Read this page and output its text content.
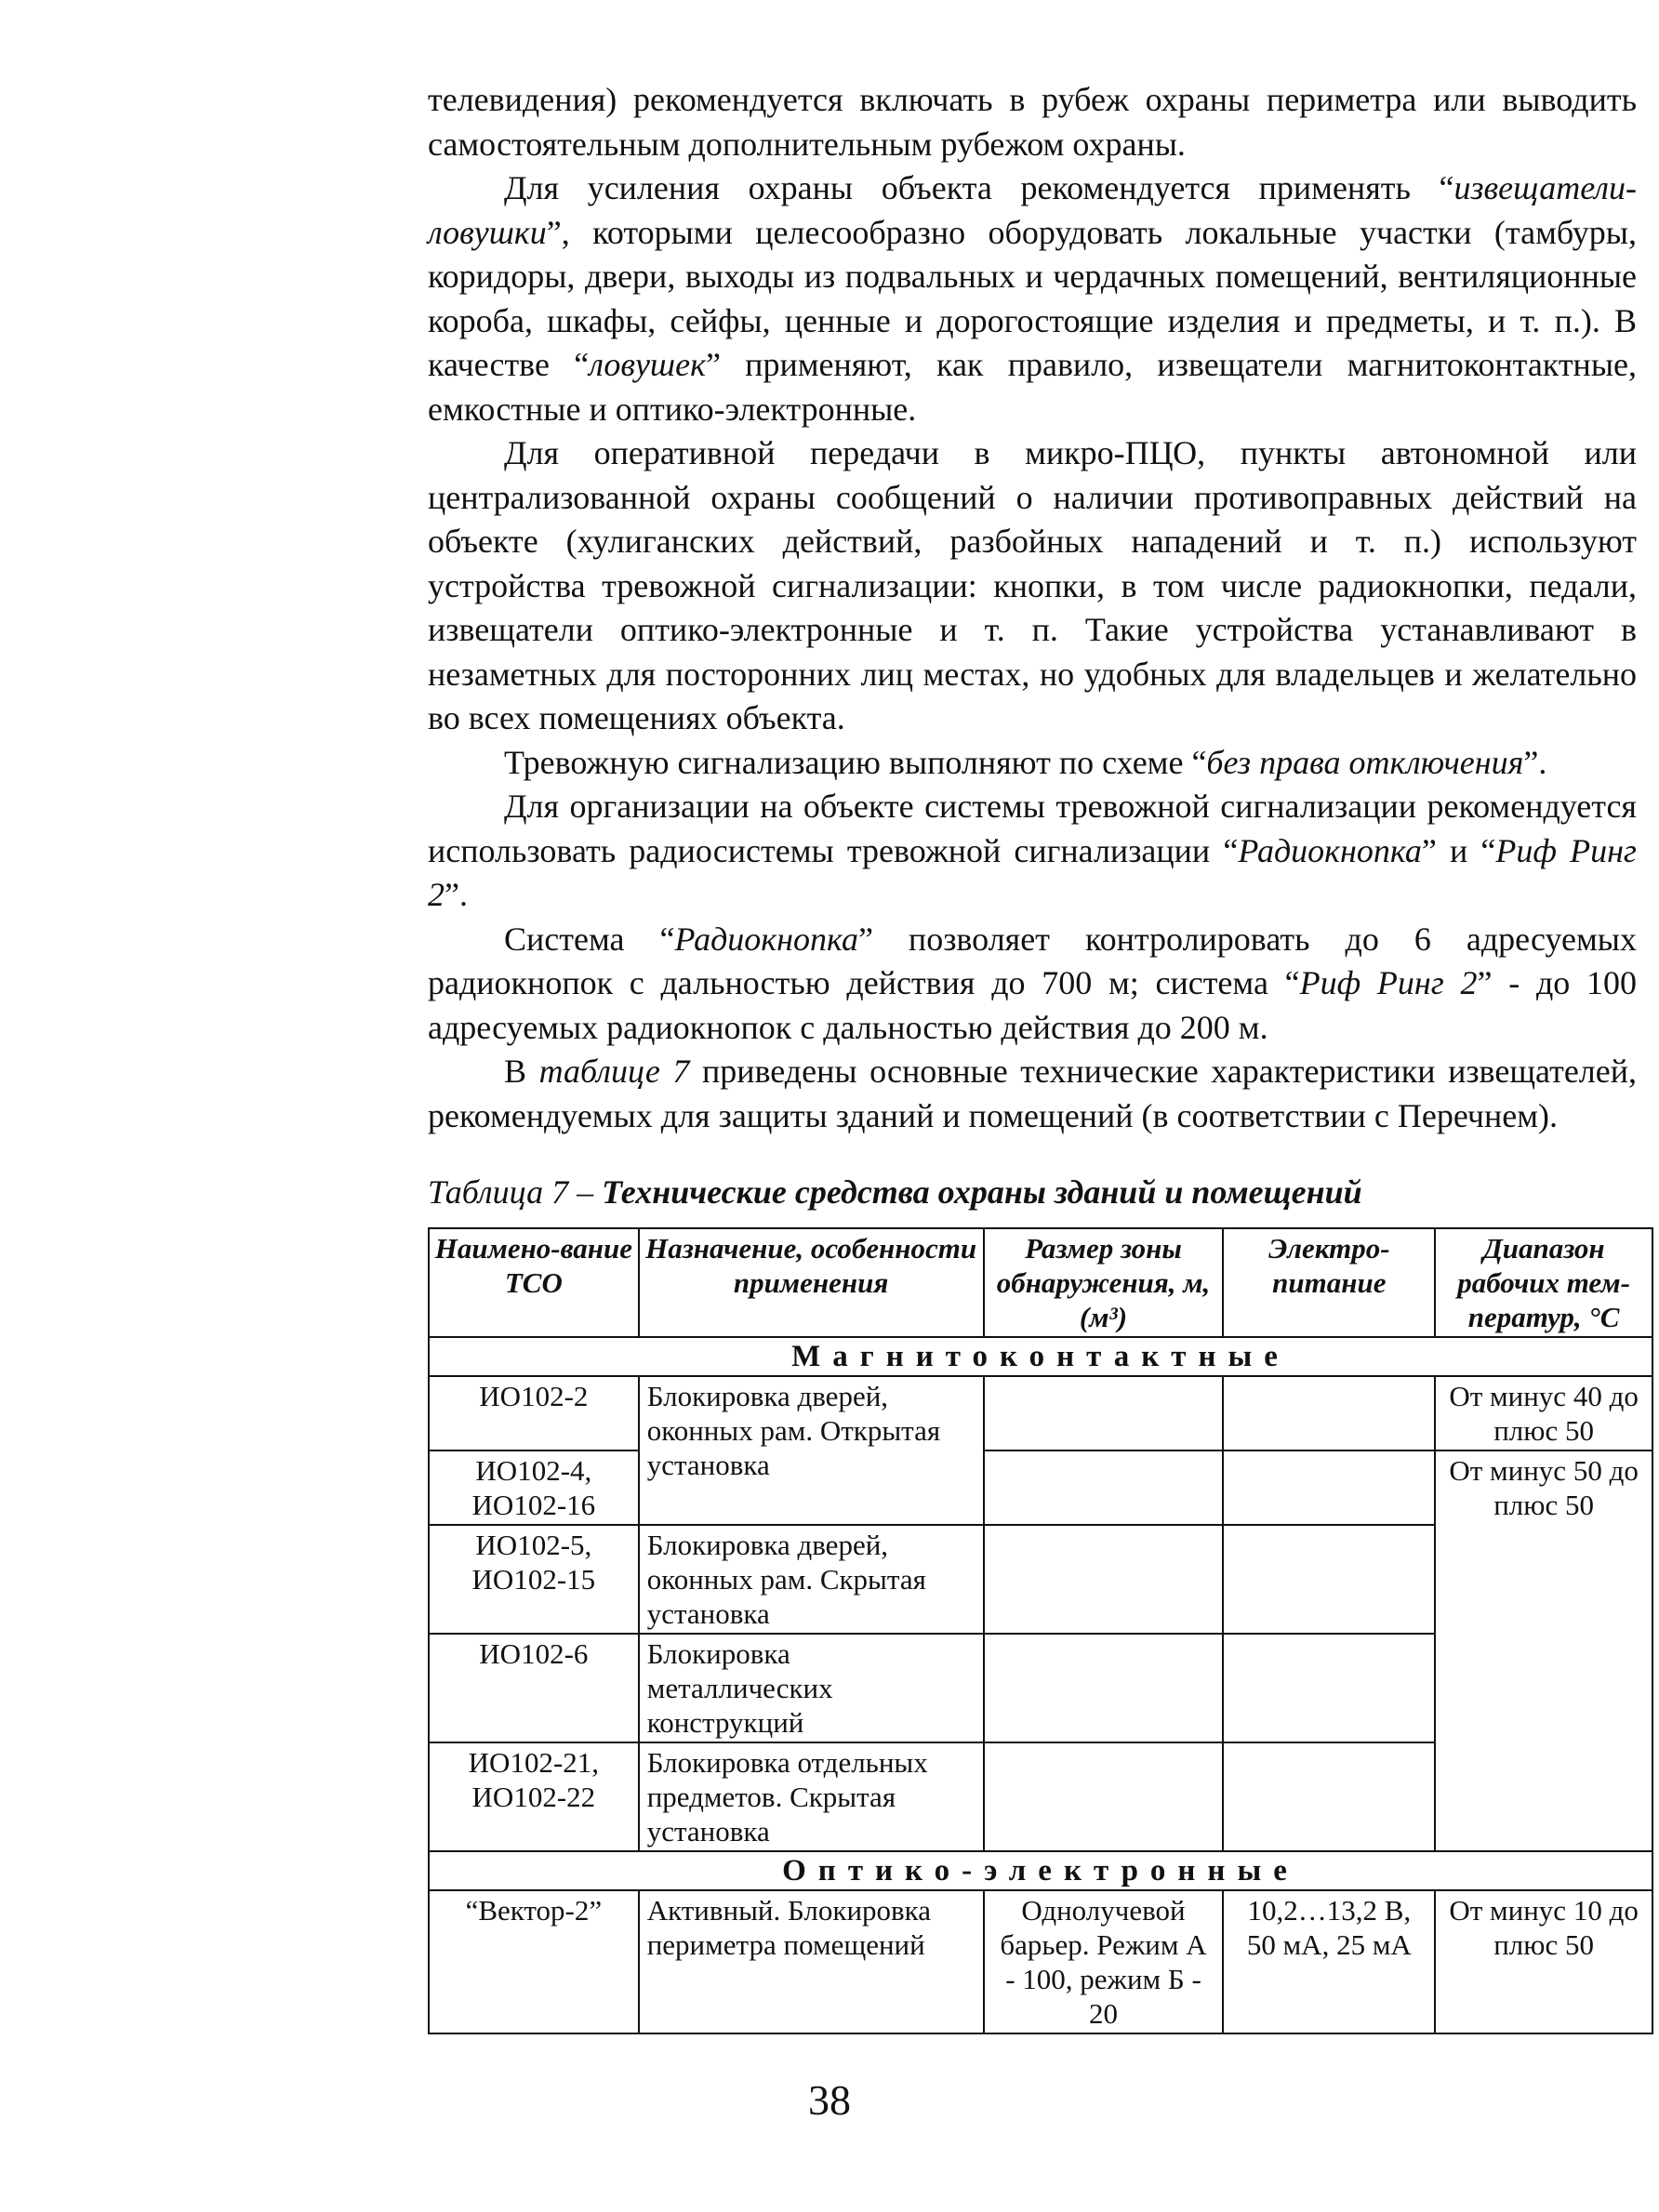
телевидения) рекомендуется включать в рубеж охраны периметра или выводить самостоятельным дополнительным рубежом охраны.

Для усиления охраны объекта рекомендуется применять “извещатели-ловушки”, которыми целесообразно оборудовать локальные участки (тамбуры, коридоры, двери, выходы из подвальных и чердачных помещений, вентиляционные короба, шкафы, сейфы, ценные и дорогостоящие изделия и предметы, и т. п.). В качестве “ловушек” применяют, как правило, извещатели магнитоконтактные, емкостные и оптико-электронные.

Для оперативной передачи в микро-ПЦО, пункты автономной или централизованной охраны сообщений о наличии противоправных действий на объекте (хулиганских действий, разбойных нападений и т. п.) используют устройства тревожной сигнализации: кнопки, в том числе радиокнопки, педали, извещатели оптико-электронные и т. п. Такие устройства устанавливают в незаметных для посторонних лиц местах, но удобных для владельцев и желательно во всех помещениях объекта.

Тревожную сигнализацию выполняют по схеме “без права отключения”.

Для организации на объекте системы тревожной сигнализации рекомендуется использовать радиосистемы тревожной сигнализации “Радиокнопка” и “Риф Ринг 2”.

Система “Радиокнопка” позволяет контролировать до 6 адресуемых радиокнопок с дальностью действия до 700 м; система “Риф Ринг 2” - до 100 адресуемых радиокнопок с дальностью действия до 200 м.

В таблице 7 приведены основные технические характеристики извещателей, рекомендуемых для защиты зданий и помещений (в соответствии с Перечнем).

Таблица 7 – Технические средства охраны зданий и помещений
Наимено-вание ТСО	Назначение, особенности применения	Размер зоны обнаружения, м, (м³)	Электро-питание	Диапазон рабочих тем-ператур, °С
Магнитоконтактные				
ИО102-2	Блокировка дверей, оконных рам. Открытая установка			От минус 40 до плюс 50
ИО102-4, ИО102-16				От минус 50 до плюс 50
ИО102-5, ИО102-15	Блокировка дверей, оконных рам. Скрытая установка			
ИО102-6	Блокировка металлических конструкций			
ИО102-21, ИО102-22	Блокировка отдельных предметов. Скрытая установка			
Оптико-электронные				
“Вектор-2”	Активный. Блокировка периметра помещений	Однолучевой барьер. Режим А - 100, режим Б - 20	10,2…13,2 В, 50 мА, 25 мА	От минус 10 до плюс 50
38
